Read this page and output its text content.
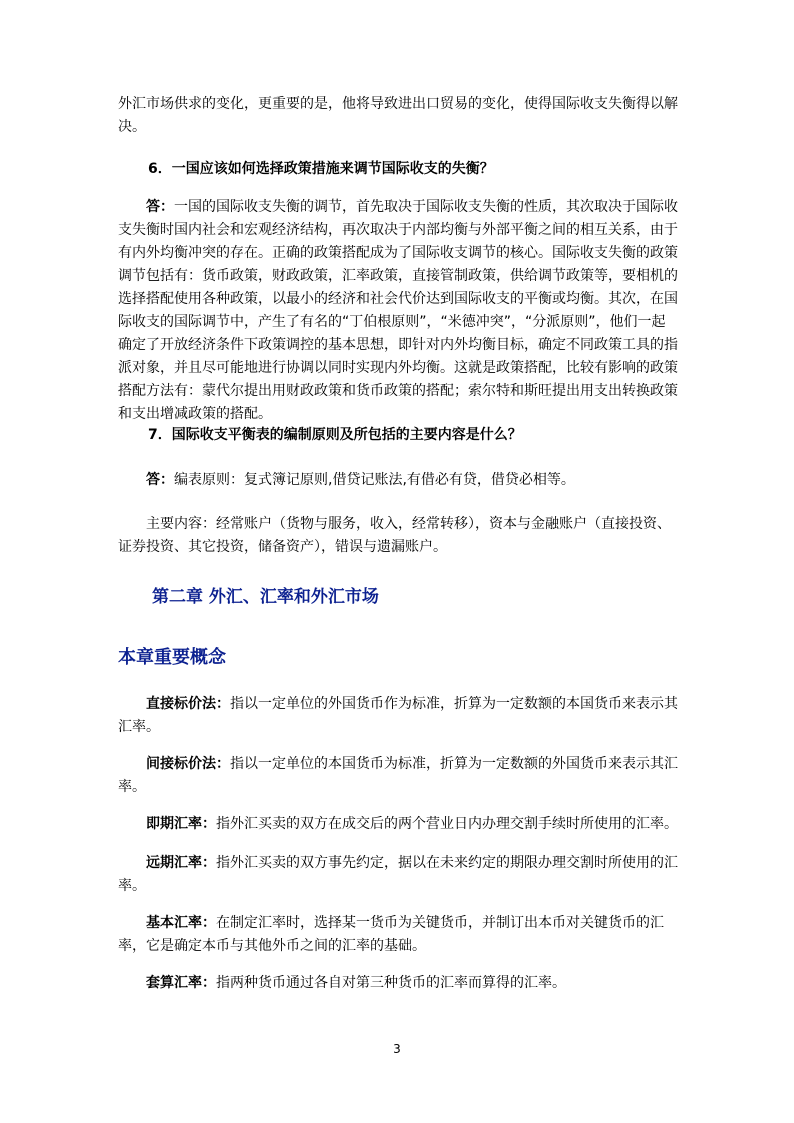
外汇市场供求的变化，更重要的是，他将导致进出口贸易的变化，使得国际收支失衡得以解决。
6．一国应该如何选择政策措施来调节国际收支的失衡？
答：一国的国际收支失衡的调节，首先取决于国际收支失衡的性质，其次取决于国际收支失衡时国内社会和宏观经济结构，再次取决于内部均衡与外部平衡之间的相互关系，由于有内外均衡冲突的存在。正确的政策搭配成为了国际收支调节的核心。国际收支失衡的政策调节包括有：货币政策，财政政策，汇率政策，直接管制政策，供给调节政策等，要相机的选择搭配使用各种政策，以最小的经济和社会代价达到国际收支的平衡或均衡。其次，在国际收支的国际调节中，产生了有名的“丁伯根原则”，“米德冲突”，“分派原则”，他们一起确定了开放经济条件下政策调控的基本思想，即针对内外均衡目标，确定不同政策工具的指派对象，并且尽可能地进行协调以同时实现内外均衡。这就是政策搭配，比较有影响的政策搭配方法有：蒙代尔提出用财政政策和货币政策的搭配；索尔特和斯旺提出用支出转换政策和支出增减政策的搭配。
7．国际收支平衡表的编制原则及所包括的主要内容是什么？
答：编表原则：复式簿记原则,借贷记账法,有借必有贷，借贷必相等。
主要内容：经常账户（货物与服务，收入，经常转移），资本与金融账户（直接投资、证券投资、其它投资，储备资产），错误与遗漏账户。
第二章 外汇、汇率和外汇市场
本章重要概念
直接标价法：指以一定单位的外国货币作为标准，折算为一定数额的本国货币来表示其汇率。
间接标价法：指以一定单位的本国货币为标准，折算为一定数额的外国货币来表示其汇率。
即期汇率：指外汇买卖的双方在成交后的两个营业日内办理交割手续时所使用的汇率。
远期汇率：指外汇买卖的双方事先约定，据以在未来约定的期限办理交割时所使用的汇率。
基本汇率：在制定汇率时，选择某一货币为关键货币，并制订出本币对关键货币的汇率，它是确定本币与其他外币之间的汇率的基础。
套算汇率：指两种货币通过各自对第三种货币的汇率而算得的汇率。
3
